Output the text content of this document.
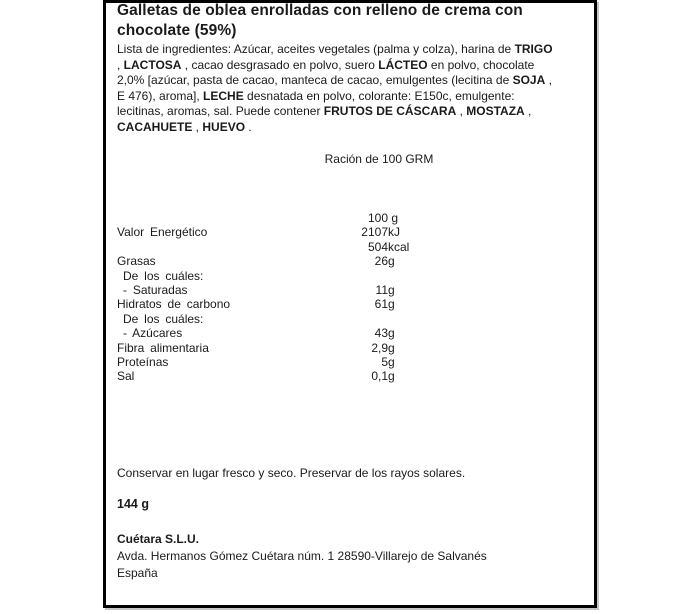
Galletas de oblea enrolladas con relleno de crema con chocolate (59%)
Lista de ingredientes: Azúcar, aceites vegetales (palma y colza), harina de TRIGO
, LACTOSA , cacao desgrasado en polvo, suero LÁCTEO en polvo, chocolate
2,0% [azúcar, pasta de cacao, manteca de cacao, emulgentes (lecitina de SOJA ,
E 476), aroma], LECHE desnatada en polvo, colorante: E150c, emulgente:
lecitinas, aromas, sal. Puede contener FRUTOS DE CÁSCARA , MOSTAZA ,
CACAHUETE , HUEVO .
Ración de 100 GRM
100 g
Valor Energético	2107 kJ
504 kcal
Grasas	26 g
De los cuáles:
- Saturadas	11 g
Hidratos de carbono	61 g
De los cuáles:
- Azúcares	43 g
Fibra alimentaria	2,9 g
Proteínas	5 g
Sal	0,1 g
Conservar en lugar fresco y seco. Preservar de los rayos solares.
144 g
Cuétara S.L.U.
Avda. Hermanos Gómez Cuétara núm. 1 28590-Villarejo de Salvanés
España
